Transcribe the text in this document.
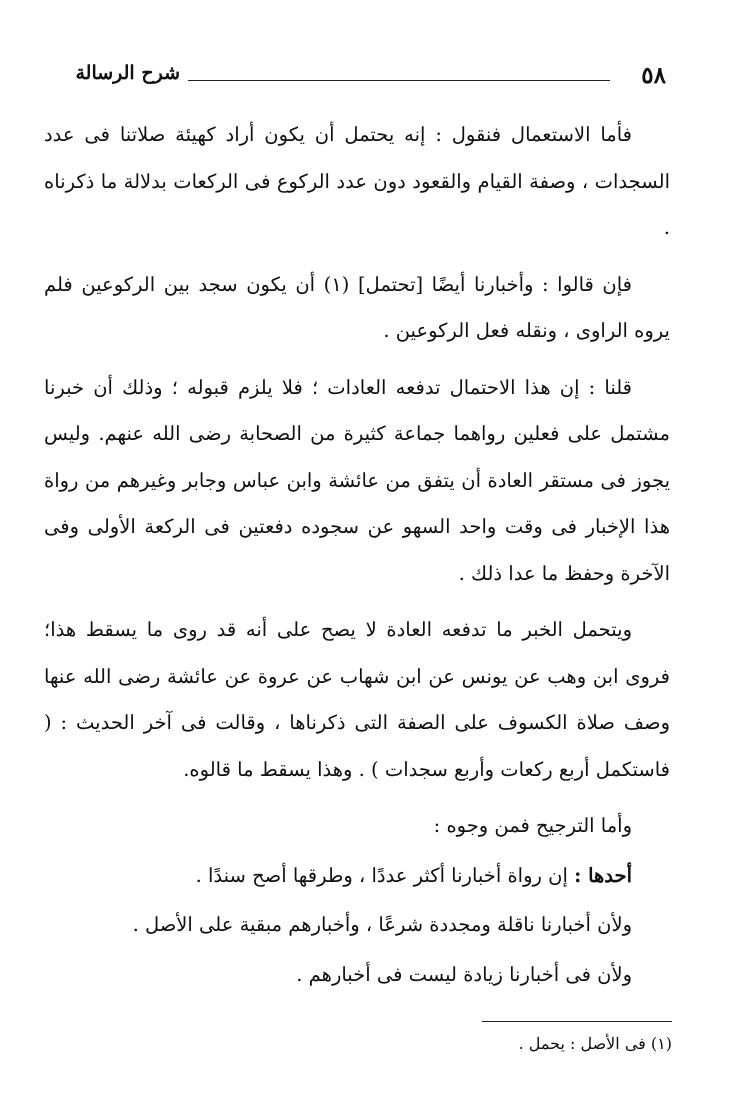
٥٨
شرح الرسالة

فأما الاستعمال فنقول : إنه يحتمل أن يكون أراد كهيئة صلاتنا فى عدد السجدات ، وصفة القيام والقعود دون عدد الركوع فى الركعات بدلالة ما ذكرناه .

فإن قالوا : وأخبارنا أيضًا [تحتمل] (١) أن يكون سجد بين الركوعين فلم يروه الراوى ، ونقله فعل الركوعين .

قلنا : إن هذا الاحتمال تدفعه العادات ؛ فلا يلزم قبوله ؛ وذلك أن خبرنا مشتمل على فعلين رواهما جماعة كثيرة من الصحابة رضى الله عنهم. وليس يجوز فى مستقر العادة أن يتفق من عائشة وابن عباس وجابر وغيرهم من رواة هذا الإخبار فى وقت واحد السهو عن سجوده دفعتين فى الركعة الأولى وفى الآخرة وحفظ ما عدا ذلك .

ويتحمل الخبر ما تدفعه العادة لا يصح على أنه قد روى ما يسقط هذا؛ فروى ابن وهب عن يونس عن ابن شهاب عن عروة عن عائشة رضى الله عنها وصف صلاة الكسوف على الصفة التى ذكرناها ، وقالت فى آخر الحديث : ( فاستكمل أربع ركعات وأربع سجدات ) . وهذا يسقط ما قالوه.

وأما الترجيح فمن وجوه :

أحدها : إن رواة أخبارنا أكثر عددًا ، وطرقها أصح سندًا .

ولأن أخبارنا ناقلة ومجددة شرعًا ، وأخبارهم مبقية على الأصل .

ولأن فى أخبارنا زيادة ليست فى أخبارهم .

(١) فى الأصل : يحمل .
